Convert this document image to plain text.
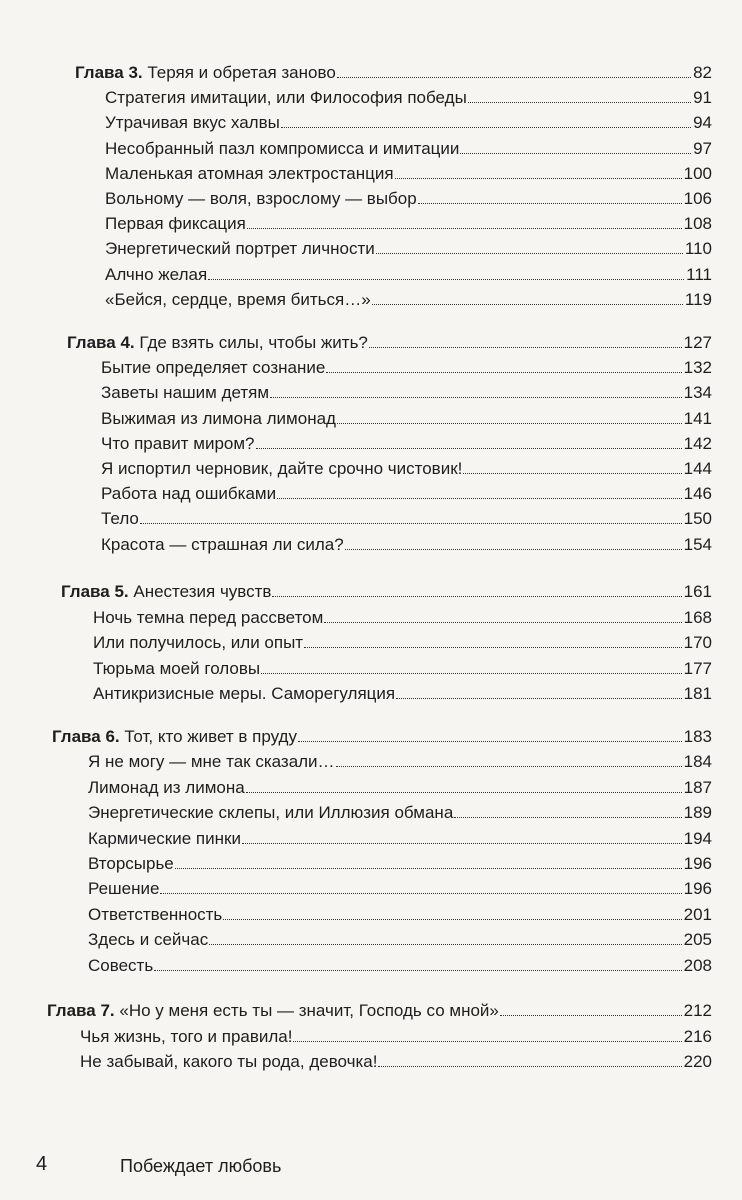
Глава 3. Теряя и обретая заново	82
Стратегия имитации, или Философия победы	91
Утрачивая вкус халвы	94
Несобранный пазл компромисса и имитации	97
Маленькая атомная электростанция	100
Вольному — воля, взрослому — выбор	106
Первая фиксация	108
Энергетический портрет личности	110
Алчно желая	111
«Бейся, сердце, время биться…»	119
Глава 4. Где взять силы, чтобы жить?	127
Бытие определяет сознание	132
Заветы нашим детям	134
Выжимая из лимона лимонад	141
Что правит миром?	142
Я испортил черновик, дайте срочно чистовик!	144
Работа над ошибками	146
Тело	150
Красота — страшная ли сила?	154
Глава 5. Анестезия чувств	161
Ночь темна перед рассветом	168
Или получилось, или опыт	170
Тюрьма моей головы	177
Антикризисные меры. Саморегуляция	181
Глава 6. Тот, кто живет в пруду	183
Я не могу — мне так сказали…	184
Лимонад из лимона	187
Энергетические склепы, или Иллюзия обмана	189
Кармические пинки	194
Вторсырье	196
Решение	196
Ответственность	201
Здесь и сейчас	205
Совесть	208
Глава 7. «Но у меня есть ты — значит, Господь со мной»	212
Чья жизнь, того и правила!	216
Не забывай, какого ты рода, девочка!	220
4	Побеждает любовь
